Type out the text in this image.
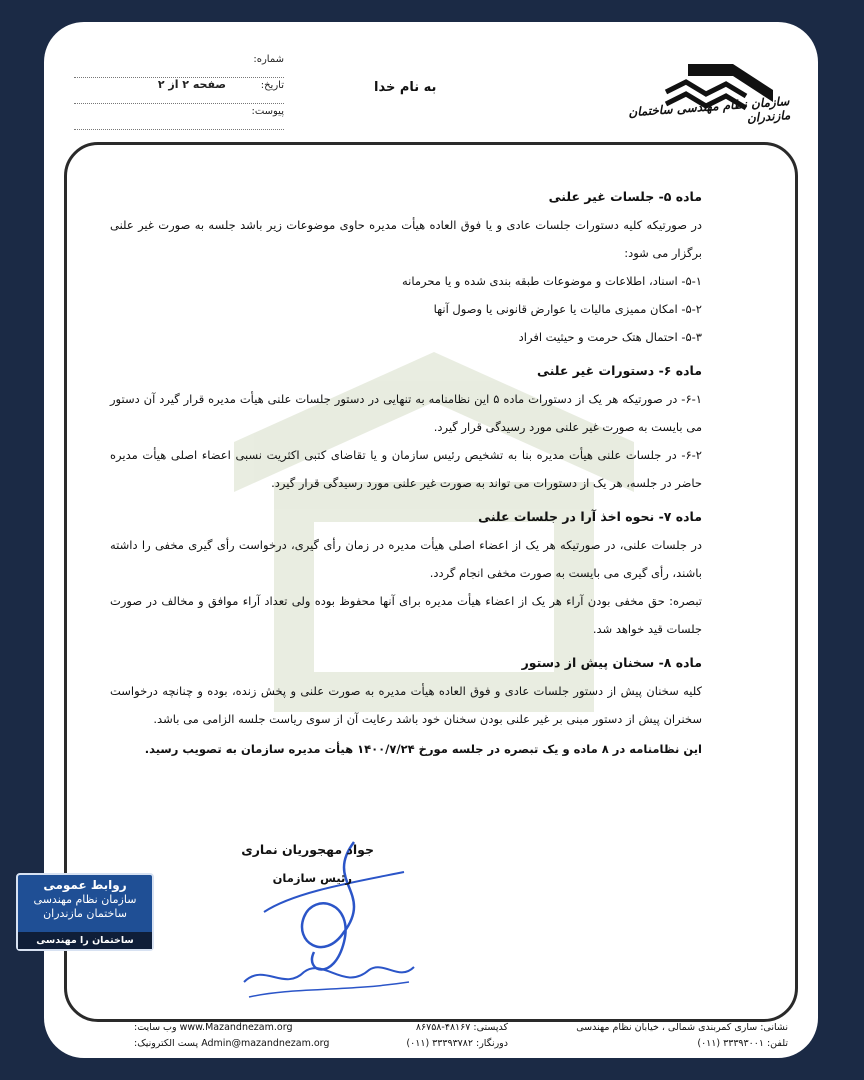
شماره:
تاریخ:
صفحه ۲ از ۲
پیوست:
به نام خدا
سازمان نظام مهندسی ساختمان مازندران
ماده ۵- جلسات غیر علنی
در صورتیکه کلیه دستورات جلسات عادی و یا فوق العاده هیأت مدیره حاوی موضوعات زیر باشد جلسه به صورت غیر علنی برگزار می شود:
۵-۱- اسناد، اطلاعات و موضوعات طبقه بندی شده و یا محرمانه
۵-۲- امکان ممیزی مالیات یا عوارض قانونی یا وصول آنها
۵-۳- احتمال هتک حرمت و حیثیت افراد
ماده ۶- دستورات غیر علنی
۶-۱- در صورتیکه هر یک از دستورات ماده ۵ این نظامنامه به تنهایی در دستور جلسات علنی هیأت مدیره قرار گیرد آن دستور می بایست به صورت غیر علنی مورد رسیدگی قرار گیرد.
۶-۲- در جلسات علنی هیأت مدیره بنا به تشخیص رئیس سازمان و یا تقاضای کتبی اکثریت نسبی اعضاء اصلی هیأت مدیره حاضر در جلسه، هر یک از دستورات می تواند به صورت غیر علنی مورد رسیدگی قرار گیرد.
ماده ۷- نحوه اخذ آرا در جلسات علنی
در جلسات علنی، در صورتیکه هر یک از اعضاء اصلی هیأت مدیره در زمان رأی گیری، درخواست رأی گیری مخفی را داشته باشند، رأی گیری می بایست به صورت مخفی انجام گردد.
تبصره: حق مخفی بودن آراء هر یک از اعضاء هیأت مدیره برای آنها محفوظ بوده ولی تعداد آراء موافق و مخالف در صورت جلسات قید خواهد شد.
ماده ۸- سخنان پیش از دستور
کلیه سخنان پیش از دستور جلسات عادی و فوق العاده هیأت مدیره به صورت علنی و پخش زنده، بوده و چنانچه درخواست سخنران پیش از دستور مبنی بر غیر علنی بودن سخنان خود باشد رعایت آن از سوی ریاست جلسه الزامی می باشد.
این نظامنامه در ۸ ماده و یک تبصره در جلسه مورخ ۱۴۰۰/۷/۲۴ هیأت مدیره سازمان به تصویب رسید.
جواد مهجوریان نماری
رئیس سازمان
نشانی: ساری کمربندی شمالی ، خیابان نظام مهندسی
کدپستی: ۴۸۱۶۷-۸۶۷۵۸
www.Mazandnezam.org وب سایت:
تلفن: ۳۳۳۹۳۰۰۱ (۰۱۱)
دورنگار: ۳۳۳۹۳۷۸۲ (۰۱۱)
Admin@mazandnezam.org پست الکترونیک:
روابط عمومی
سازمان نظام مهندسی
ساختمان مازندران
ساختمان را مهندسی بسازیم
